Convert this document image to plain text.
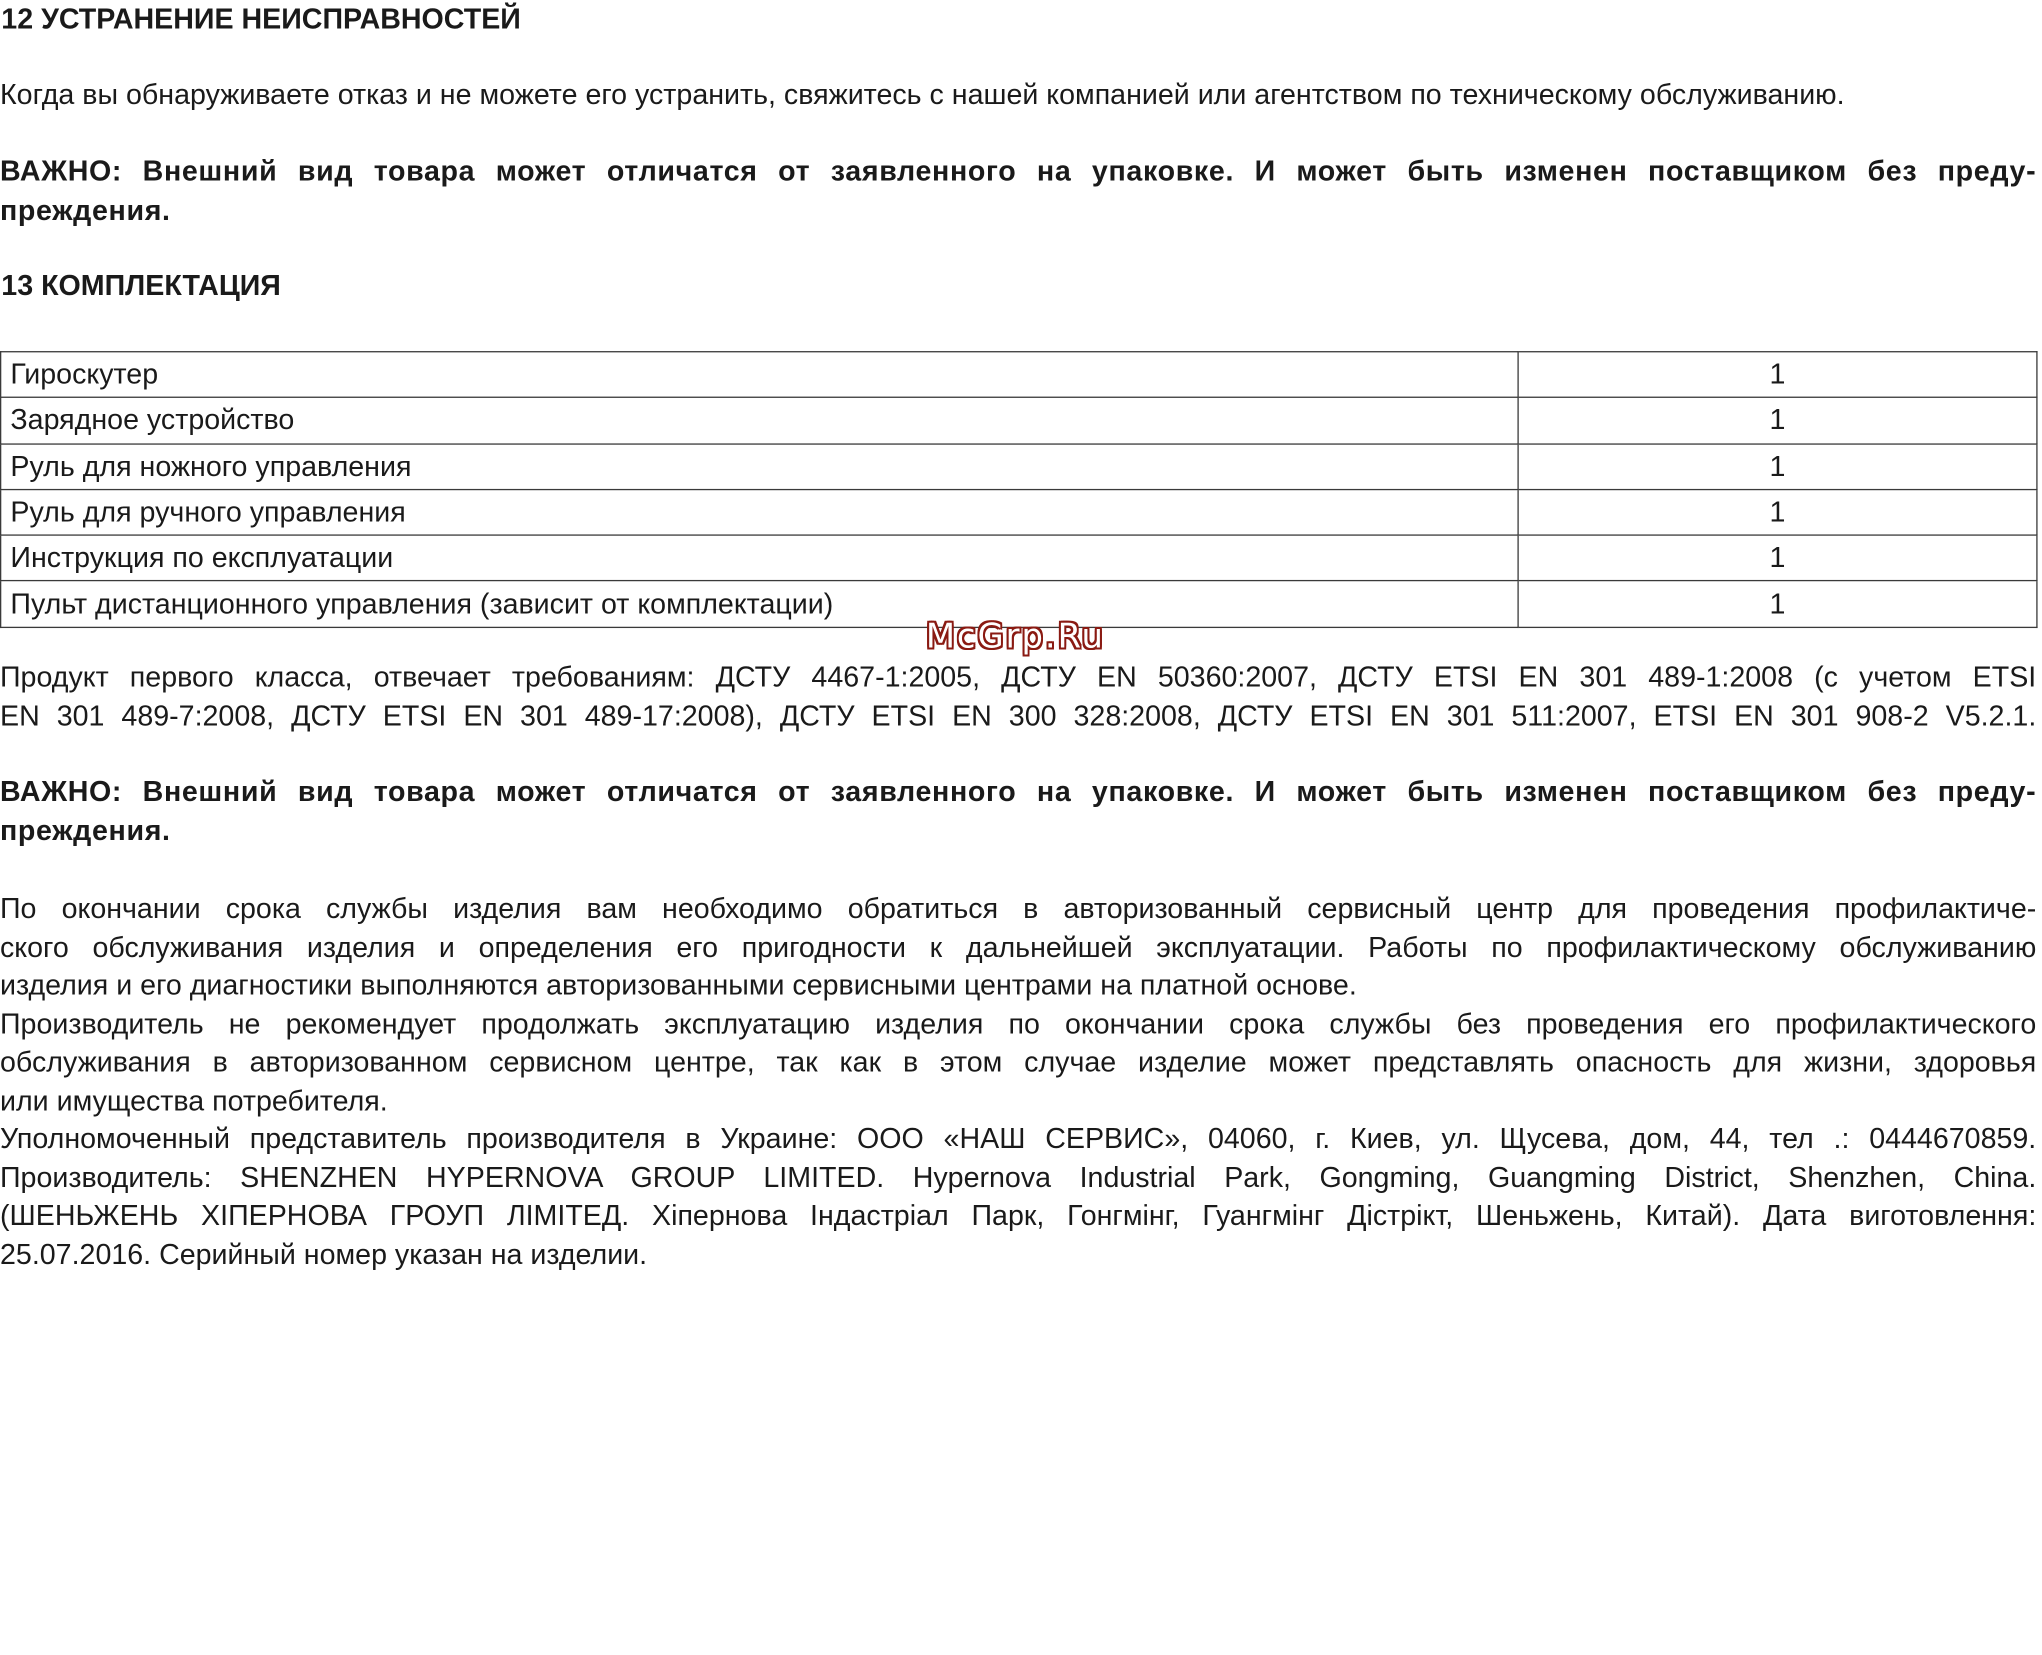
12 УСТРАНЕНИЕ НЕИСПРАВНОСТЕЙ
Когда вы обнаруживаете отказ и не можете его устранить, свяжитесь с нашей компанией или агентством по техническому обслуживанию.
ВАЖНО: Внешний вид товара может отличатся от заявленного на упаковке. И может быть изменен поставщиком без преду-
преждения.
13 КОМПЛЕКТАЦИЯ
Гироскутер	1
Зарядное устройство	1
Руль для ножного управления	1
Руль для ручного управления	1
Инструкция по експлуатации	1
Пульт дистанционного управления (зависит от комплектации)	1
McGrp.Ru
Продукт первого класса, отвечает требованиям: ДСТУ 4467-1:2005, ДСТУ EN 50360:2007, ДСТУ ETSI EN 301 489-1:2008 (с учетом ETSI
EN 301 489-7:2008, ДСТУ ETSI EN 301 489-17:2008), ДСТУ ETSI EN 300 328:2008, ДСТУ ETSI EN 301 511:2007, ETSI EN 301 908-2 V5.2.1.
ВАЖНО: Внешний вид товара может отличатся от заявленного на упаковке. И может быть изменен поставщиком без преду-
преждения.
По окончании срока службы изделия вам необходимо обратиться в авторизованный сервисный центр для проведения профилактиче-
ского обслуживания изделия и определения его пригодности к дальнейшей эксплуатации. Работы по профилактическому обслуживанию
изделия и его диагностики выполняются авторизованными сервисными центрами на платной основе.
Производитель не рекомендует продолжать эксплуатацию изделия по окончании срока службы без проведения его профилактического
обслуживания в авторизованном сервисном центре, так как в этом случае изделие может представлять опасность для жизни, здоровья
или имущества потребителя.
Уполномоченный представитель производителя в Украине: ООО «НАШ СЕРВИС», 04060, г. Киев, ул. Щусева, дом, 44, тел .: 0444670859.
Производитель: SHENZHEN HYPERNOVA GROUP LIMITED. Hypernova Industrial Park, Gongming, Guangming District, Shenzhen, China.
(ШЕНЬЖЕНЬ ХІПЕРНОВА ГРОУП ЛІМІТЕД. Хіпернова Індастріал Парк, Гонгмінг, Гуангмінг Дістрікт, Шеньжень, Китай). Дата виготовлення:
25.07.2016. Серийный номер указан на изделии.
